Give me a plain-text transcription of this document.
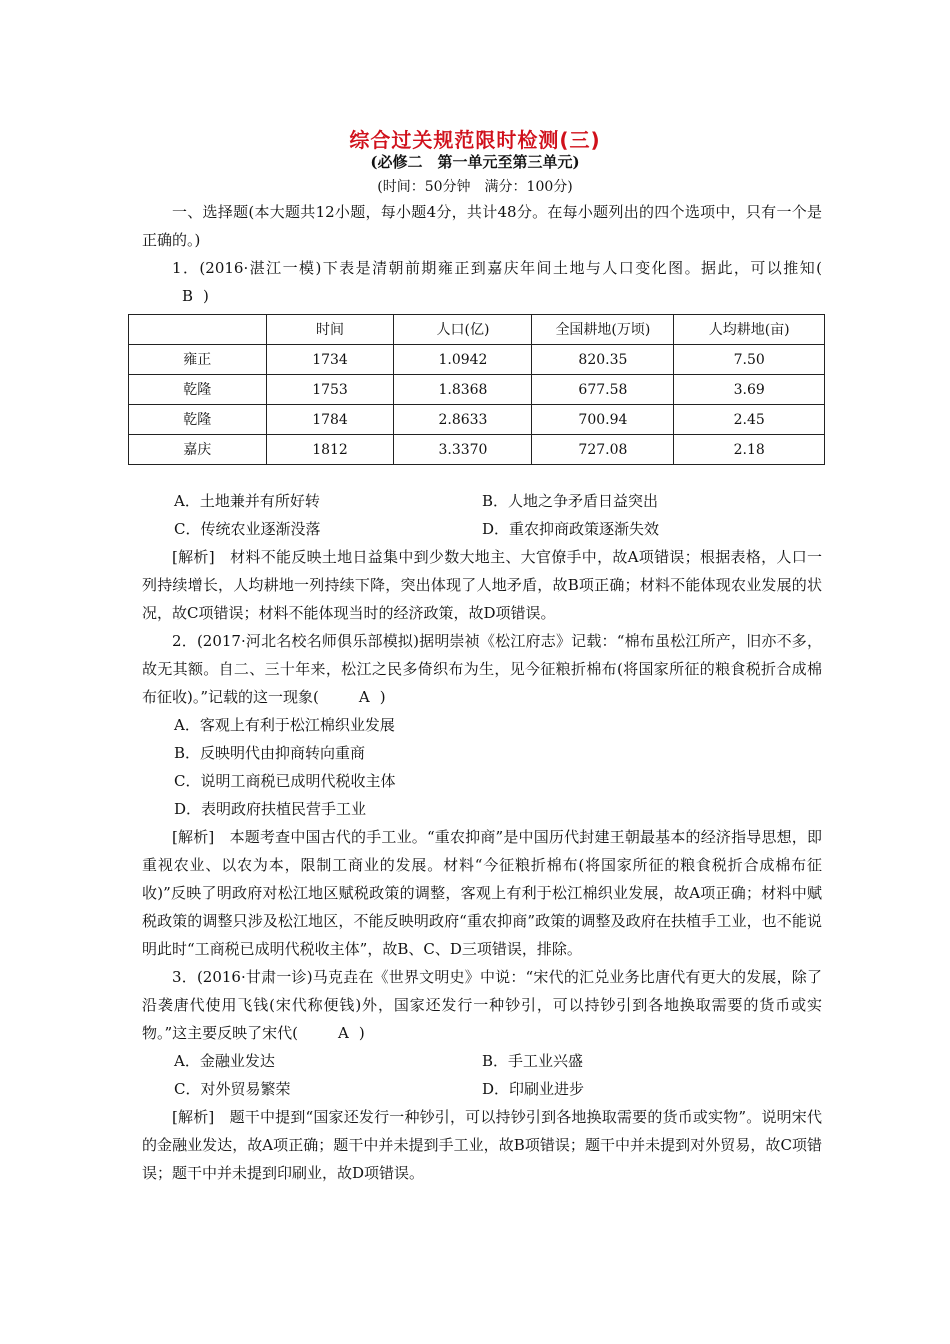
综合过关规范限时检测(三)
(必修二　第一单元至第三单元)
(时间：50分钟　满分：100分)

一、选择题(本大题共12小题，每小题4分，共计48分。在每小题列出的四个选项中，只有一个是正确的。)

1．(2016·湛江一模)下表是清朝前期雍正到嘉庆年间土地与人口变化图。据此，可以推知(B )

	时间	人口(亿)	全国耕地(万顷)	人均耕地(亩)
雍正	1734	1.0942	820.35	7.50
乾隆	1753	1.8368	677.58	3.69
乾隆	1784	2.8633	700.94	2.45
嘉庆	1812	3.3370	727.08	2.18
A．土地兼并有所好转	B．人地之争矛盾日益突出
C．传统农业逐渐没落	D．重农抑商政策逐渐失效

[解析]　材料不能反映土地日益集中到少数大地主、大官僚手中，故A项错误；根据表格，人口一列持续增长，人均耕地一列持续下降，突出体现了人地矛盾，故B项正确；材料不能体现农业发展的状况，故C项错误；材料不能体现当时的经济政策，故D项错误。

2．(2017·河北名校名师俱乐部模拟)据明崇祯《松江府志》记载：“棉布虽松江所产，旧亦不多，故无其额。自二、三十年来，松江之民多倚织布为生，见今征粮折棉布(将国家所征的粮食税折合成棉布征收)。”记载的这一现象(	A )

A．客观上有利于松江棉织业发展

B．反映明代由抑商转向重商

C．说明工商税已成明代税收主体

D．表明政府扶植民营手工业

[解析]　本题考查中国古代的手工业。“重农抑商”是中国历代封建王朝最基本的经济指导思想，即重视农业、以农为本，限制工商业的发展。材料“今征粮折棉布(将国家所征的粮食税折合成棉布征收)”反映了明政府对松江地区赋税政策的调整，客观上有利于松江棉织业发展，故A项正确；材料中赋税政策的调整只涉及松江地区，不能反映明政府“重农抑商”政策的调整及政府在扶植手工业，也不能说明此时“工商税已成明代税收主体”，故B、C、D三项错误，排除。

3．(2016·甘肃一诊)马克垚在《世界文明史》中说：“宋代的汇兑业务比唐代有更大的发展，除了沿袭唐代使用飞钱(宋代称便钱)外，国家还发行一种钞引，可以持钞引到各地换取需要的货币或实物。”这主要反映了宋代(	A )

A．金融业发达	B．手工业兴盛
C．对外贸易繁荣	D．印刷业进步

[解析]　题干中提到“国家还发行一种钞引，可以持钞引到各地换取需要的货币或实物”。说明宋代的金融业发达，故A项正确；题干中并未提到手工业，故B项错误；题干中并未提到对外贸易，故C项错误；题干中并未提到印刷业，故D项错误。
